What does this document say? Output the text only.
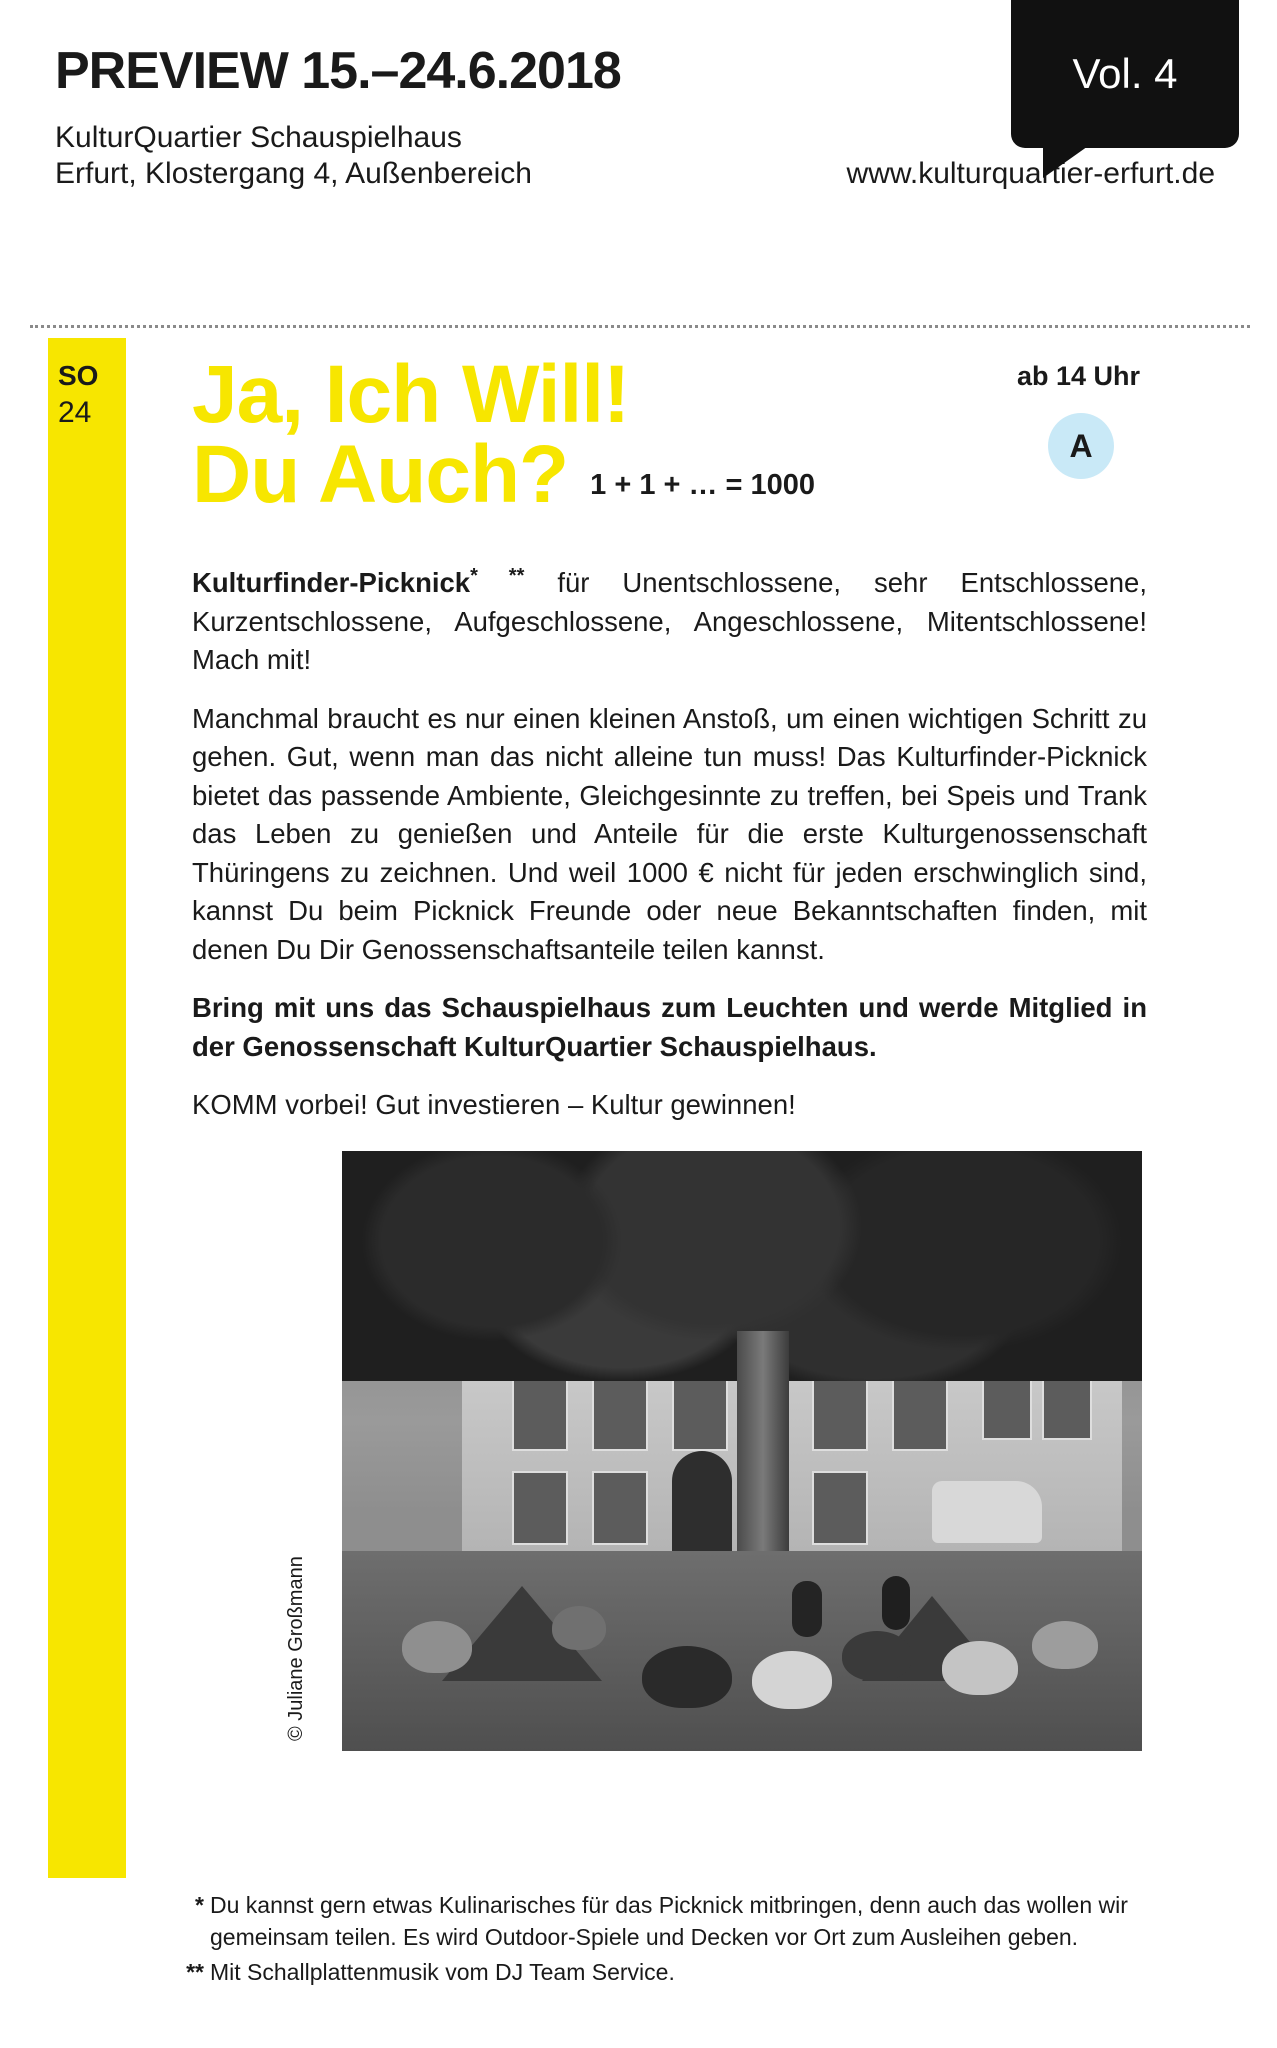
PREVIEW 15.–24.6.2018
KulturQuartier Schauspielhaus
Erfurt, Klostergang 4, Außenbereich	www.kulturquartier-erfurt.de
Vol. 4
SO
24	Ja, Ich Will!
Du Auch? 1 + 1 + … = 1000
ab 14 Uhr
A

Kulturfinder-Picknick* ** für Unentschlossene, sehr Entschlossene, Kurzentschlossene, Aufgeschlossene, Angeschlossene, Mitentschlossene! Mach mit!

Manchmal braucht es nur einen kleinen Anstoß, um einen wichtigen Schritt zu gehen. Gut, wenn man das nicht alleine tun muss! Das Kulturfinder-Picknick bietet das passende Ambiente, Gleichgesinnte zu treffen, bei Speis und Trank das Leben zu genießen und Anteile für die erste Kulturgenossenschaft Thüringens zu zeichnen. Und weil 1000 € nicht für jeden erschwinglich sind, kannst Du beim Picknick Freunde oder neue Bekanntschaften finden, mit denen Du Dir Genossenschaftsanteile teilen kannst.

Bring mit uns das Schauspielhaus zum Leuchten und werde Mitglied in der Genossenschaft KulturQuartier Schauspielhaus.

KOMM vorbei! Gut investieren – Kultur gewinnen!

© Juliane Großmann
* Du kannst gern etwas Kulinarisches für das Picknick mitbringen, denn auch das wollen wir gemeinsam teilen. Es wird Outdoor-Spiele und Decken vor Ort zum Ausleihen geben.
** Mit Schallplattenmusik vom DJ Team Service.
